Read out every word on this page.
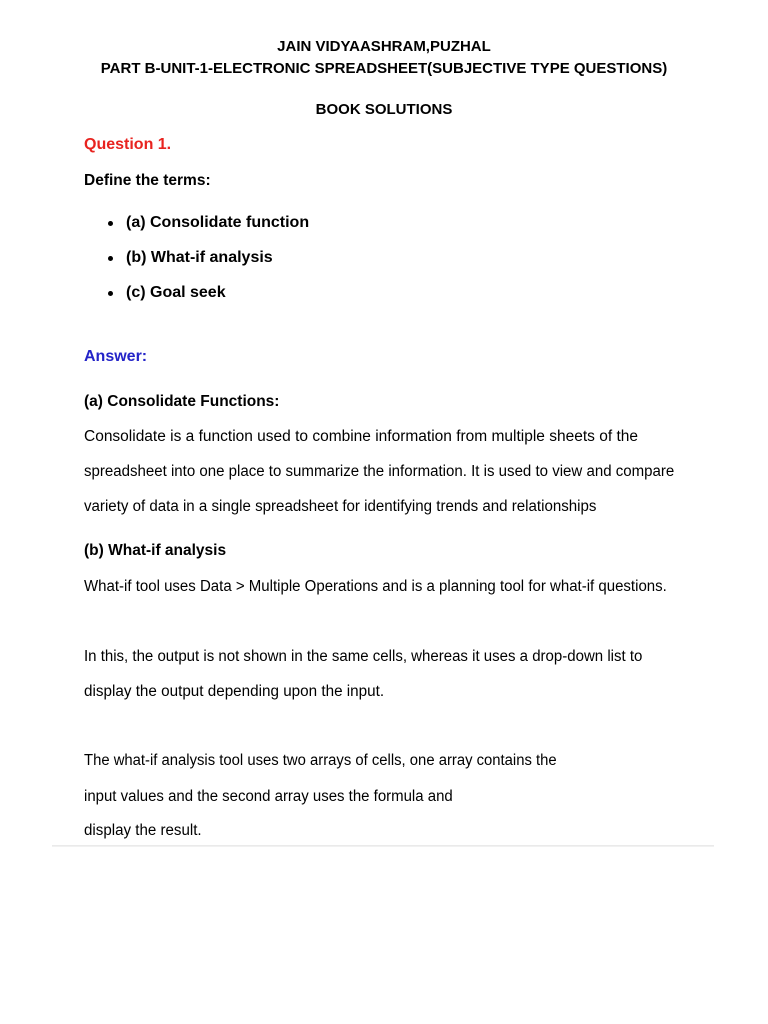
JAIN VIDYAASHRAM,PUZHAL
PART B-UNIT-1-ELECTRONIC SPREADSHEET(SUBJECTIVE TYPE QUESTIONS)
BOOK SOLUTIONS
Question 1.
Define the terms:
(a) Consolidate function
(b) What-if analysis
(c) Goal seek
Answer:
(a) Consolidate Functions:
Consolidate is a function used to combine information from multiple sheets of the
spreadsheet into one place to summarize the information. It is used to view and compare
variety of data in a single spreadsheet for identifying trends and relationships
(b) What-if analysis
What-if tool uses Data > Multiple Operations and is a planning tool for what-if questions.
In this, the output is not shown in the same cells, whereas it uses a drop-down list to
display the output depending upon the input.
The what-if analysis tool uses two arrays of cells, one array contains the
input values and the second array uses the formula and
display the result.
